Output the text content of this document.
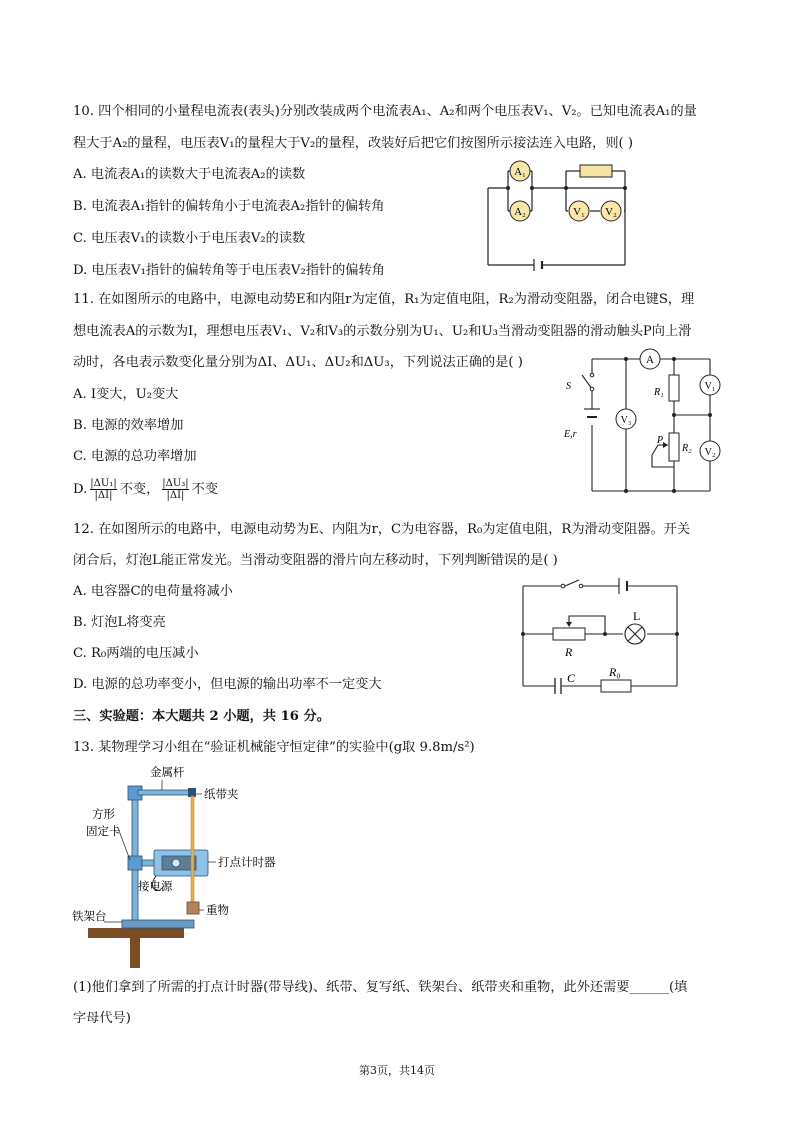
10. 四个相同的小量程电流表(表头)分别改装成两个电流表A₁、A₂和两个电压表V₁、V₂。已知电流表A₁的量
程大于A₂的量程，电压表V₁的量程大于V₂的量程，改装好后把它们按图所示接法连入电路，则( )
A. 电流表A₁的读数大于电流表A₂的读数
B. 电流表A₁指针的偏转角小于电流表A₂指针的偏转角
C. 电压表V₁的读数小于电压表V₂的读数
D. 电压表V₁指针的偏转角等于电压表V₂指针的偏转角
A₁
A₂	V₁ V₂
11. 在如图所示的电路中，电源电动势E和内阻r为定值，R₁为定值电阻，R₂为滑动变阻器，闭合电键S，理
想电流表A的示数为I，理想电压表V₁、V₂和V₃的示数分别为U₁、U₂和U₃当滑动变阻器的滑动触头P向上滑
动时，各电表示数变化量分别为ΔI、ΔU₁、ΔU₂和ΔU₃，下列说法正确的是( )
A. I变大，U₂变大
B. 电源的效率增加
C. 电源的总功率增加
D. $\frac{\text{|ΔU₁|}}{|\Delta I|}$ 不变， $\frac{\text{|ΔU₃|}}{|\Delta I|}$ 不变
A
V₃
V₁
V₂
S
E,r
R₁
P
R₂
12. 在如图所示的电路中，电源电动势为E、内阻为r，C为电容器，R₀为定值电阻，R为滑动变阻器。开关
闭合后，灯泡L能正常发光。当滑动变阻器的滑片向左移动时，下列判断错误的是( )
A. 电容器C的电荷量将减小
B. 灯泡L将变亮
C. R₀两端的电压减小
D. 电源的总功率变小，但电源的输出功率不一定变大
L
R
C	R₀
三、实验题：本大题共 2 小题，共 16 分。
13. 某物理学习小组在“验证机械能守恒定律”的实验中(g取 9.8m/s²)
金属杆
纸带夹
方形
固定卡
打点计时器
接电源
重物
铁架台
(1)他们拿到了所需的打点计时器(带导线)、纸带、复写纸、铁架台、纸带夹和重物，此外还需要______(填
字母代号)
第3页，共14页
